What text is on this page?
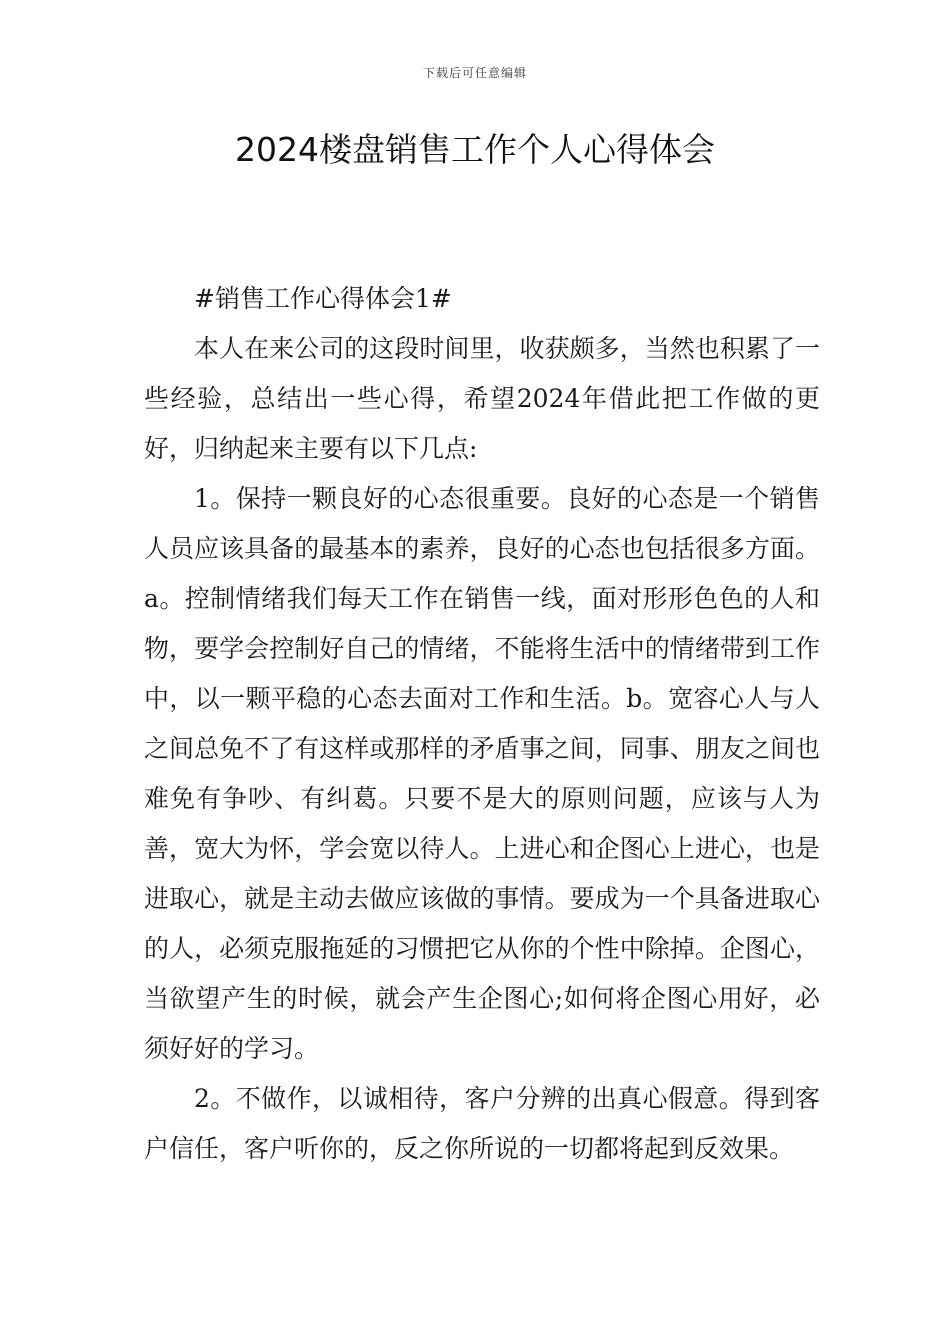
下载后可任意编辑
2024楼盘销售工作个人心得体会

#销售工作心得体会1#

本人在来公司的这段时间里，收获颇多，当然也积累了一些经验，总结出一些心得，希望2024年借此把工作做的更好，归纳起来主要有以下几点:

1。保持一颗良好的心态很重要。良好的心态是一个销售人员应该具备的最基本的素养，良好的心态也包括很多方面。a。控制情绪我们每天工作在销售一线，面对形形色色的人和物，要学会控制好自己的情绪，不能将生活中的情绪带到工作中，以一颗平稳的心态去面对工作和生活。b。宽容心人与人之间总免不了有这样或那样的矛盾事之间，同事、朋友之间也难免有争吵、有纠葛。只要不是大的原则问题，应该与人为善，宽大为怀，学会宽以待人。上进心和企图心上进心，也是进取心，就是主动去做应该做的事情。要成为一个具备进取心的人，必须克服拖延的习惯把它从你的个性中除掉。企图心，当欲望产生的时候，就会产生企图心;如何将企图心用好，必须好好的学习。

2。不做作，以诚相待，客户分辨的出真心假意。得到客户信任，客户听你的，反之你所说的一切都将起到反效果。
